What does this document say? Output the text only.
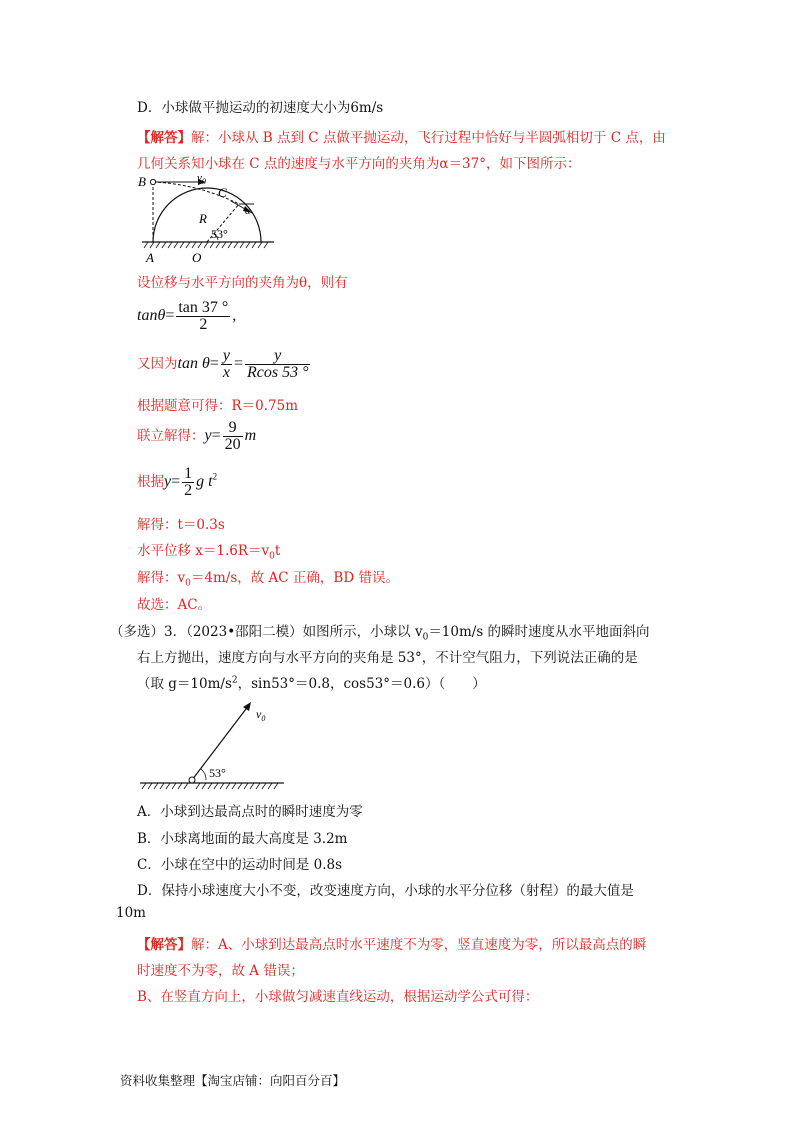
D．小球做平抛运动的初速度大小为6m/s
【解答】解：小球从 B 点到 C 点做平抛运动，飞行过程中恰好与半圆弧相切于 C 点，由
几何关系知小球在 C 点的速度与水平方向的夹角为α＝37°，如下图所示：
B	$v_0$
C
R	α
53°
A	O
设位移与水平方向的夹角为θ，则有
$\tan\theta= \frac{\tan 37 ^\circ}{2}$ ,
又因为$\tan \theta= \frac{y}{x} = \frac{y}{Rcos 53 ^\circ}$
根据题意可得：R＝0.75m
联立解得：$y= \frac{9}{20}$ m
根据$y= \frac{1}{2}$ g $t^2$
解得：t＝0.3s
水平位移 $x=1.6R=v_0t$
解得：$v_0=4m/s$，故 AC 正确，BD 错误。
故选：AC。
（多选）3．（2023•邵阳二模）如图所示，小球以 $v_0=10m/s$ 的瞬时速度从水平地面斜向
右上方抛出，速度方向与水平方向的夹角是 53°，不计空气阻力，下列说法正确的是
（取 $g=10m/s^2$，sin53°＝0.8，cos53°＝0.6）（　　）
$v_0$
53°
A．小球到达最高点时的瞬时速度为零
B．小球离地面的最大高度是 3.2m
C．小球在空中的运动时间是 0.8s
D．保持小球速度大小不变，改变速度方向，小球的水平分位移（射程）的最大值是
10m
【解答】解：A、小球到达最高点时水平速度不为零，竖直速度为零，所以最高点的瞬
时速度不为零，故 A 错误；
B、在竖直方向上，小球做匀减速直线运动，根据运动学公式可得：
资料收集整理【淘宝店铺：向阳百分百】
